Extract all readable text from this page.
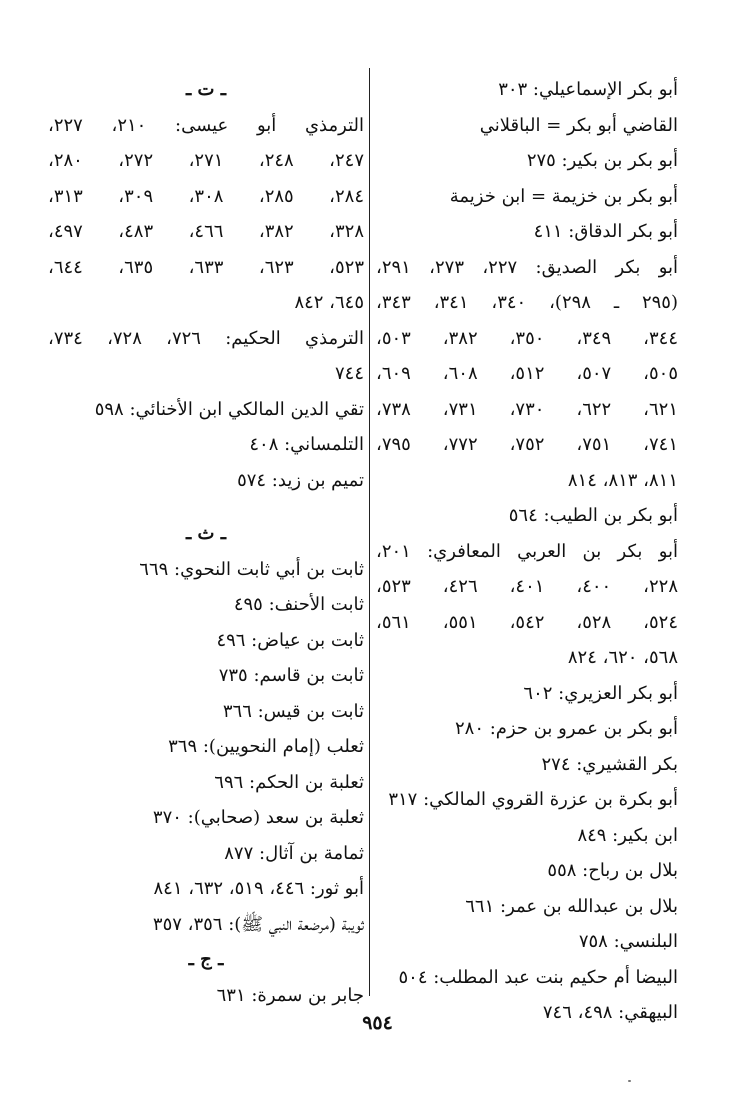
أبو بكر الإسماعيلي: ٣٠٣
القاضي أبو بكر = الباقلاني
أبو بكر بن بكير: ٢٧٥
أبو بكر بن خزيمة = ابن خزيمة
أبو بكر الدقاق: ٤١١
أبو بكر الصديق: ٢٢٧، ٢٧٣، ٢٩١،
(٢٩٥ ـ ٢٩٨)، ٣٤٠، ٣٤١، ٣٤٣،
٣٤٤، ٣٤٩، ٣٥٠، ٣٨٢، ٥٠٣،
٥٠٥، ٥٠٧، ٥١٢، ٦٠٨، ٦٠٩،
٦٢١، ٦٢٢، ٧٣٠، ٧٣١، ٧٣٨،
٧٤١، ٧٥١، ٧٥٢، ٧٧٢، ٧٩٥،
٨١١، ٨١٣، ٨١٤
أبو بكر بن الطيب: ٥٦٤
أبو بكر بن العربي المعافري: ٢٠١،
٢٢٨، ٤٠٠، ٤٠١، ٤٢٦، ٥٢٣،
٥٢٤، ٥٢٨، ٥٤٢، ٥٥١، ٥٦١،
٥٦٨، ٦٢٠، ٨٢٤
أبو بكر العزيري: ٦٠٢
أبو بكر بن عمرو بن حزم: ٢٨٠
بكر القشيري: ٢٧٤
أبو بكرة بن عزرة القروي المالكي: ٣١٧
ابن بكير: ٨٤٩
بلال بن رباح: ٥٥٨
بلال بن عبدالله بن عمر: ٦٦١
البلنسي: ٧٥٨
البيضا أم حكيم بنت عبد المطلب: ٥٠٤
البيهقي: ٤٩٨، ٧٤٦
ـ ت ـ
الترمذي أبو عيسى: ٢١٠، ٢٢٧،
٢٤٧، ٢٤٨، ٢٧١، ٢٧٢، ٢٨٠،
٢٨٤، ٢٨٥، ٣٠٨، ٣٠٩، ٣١٣،
٣٢٨، ٣٨٢، ٤٦٦، ٤٨٣، ٤٩٧،
٥٢٣، ٦٢٣، ٦٣٣، ٦٣٥، ٦٤٤،
٦٤٥، ٨٤٢
الترمذي الحكيم: ٧٢٦، ٧٢٨، ٧٣٤،
٧٤٤
تقي الدين المالكي ابن الأخنائي: ٥٩٨
التلمساني: ٤٠٨
تميم بن زيد: ٥٧٤
ـ ث ـ
ثابت بن أبي ثابت النحوي: ٦٦٩
ثابت الأحنف: ٤٩٥
ثابت بن عياض: ٤٩٦
ثابت بن قاسم: ٧٣٥
ثابت بن قيس: ٣٦٦
ثعلب (إمام النحويين): ٣٦٩
ثعلبة بن الحكم: ٦٩٦
ثعلبة بن سعد (صحابي): ٣٧٠
ثمامة بن آثال: ٨٧٧
أبو ثور: ٤٤٦، ٥١٩، ٦٣٢، ٨٤١
ثويبة (مرضعة النبي ﷺ): ٣٥٦، ٣٥٧
ـ ج ـ
جابر بن سمرة: ٦٣١
٩٥٤
